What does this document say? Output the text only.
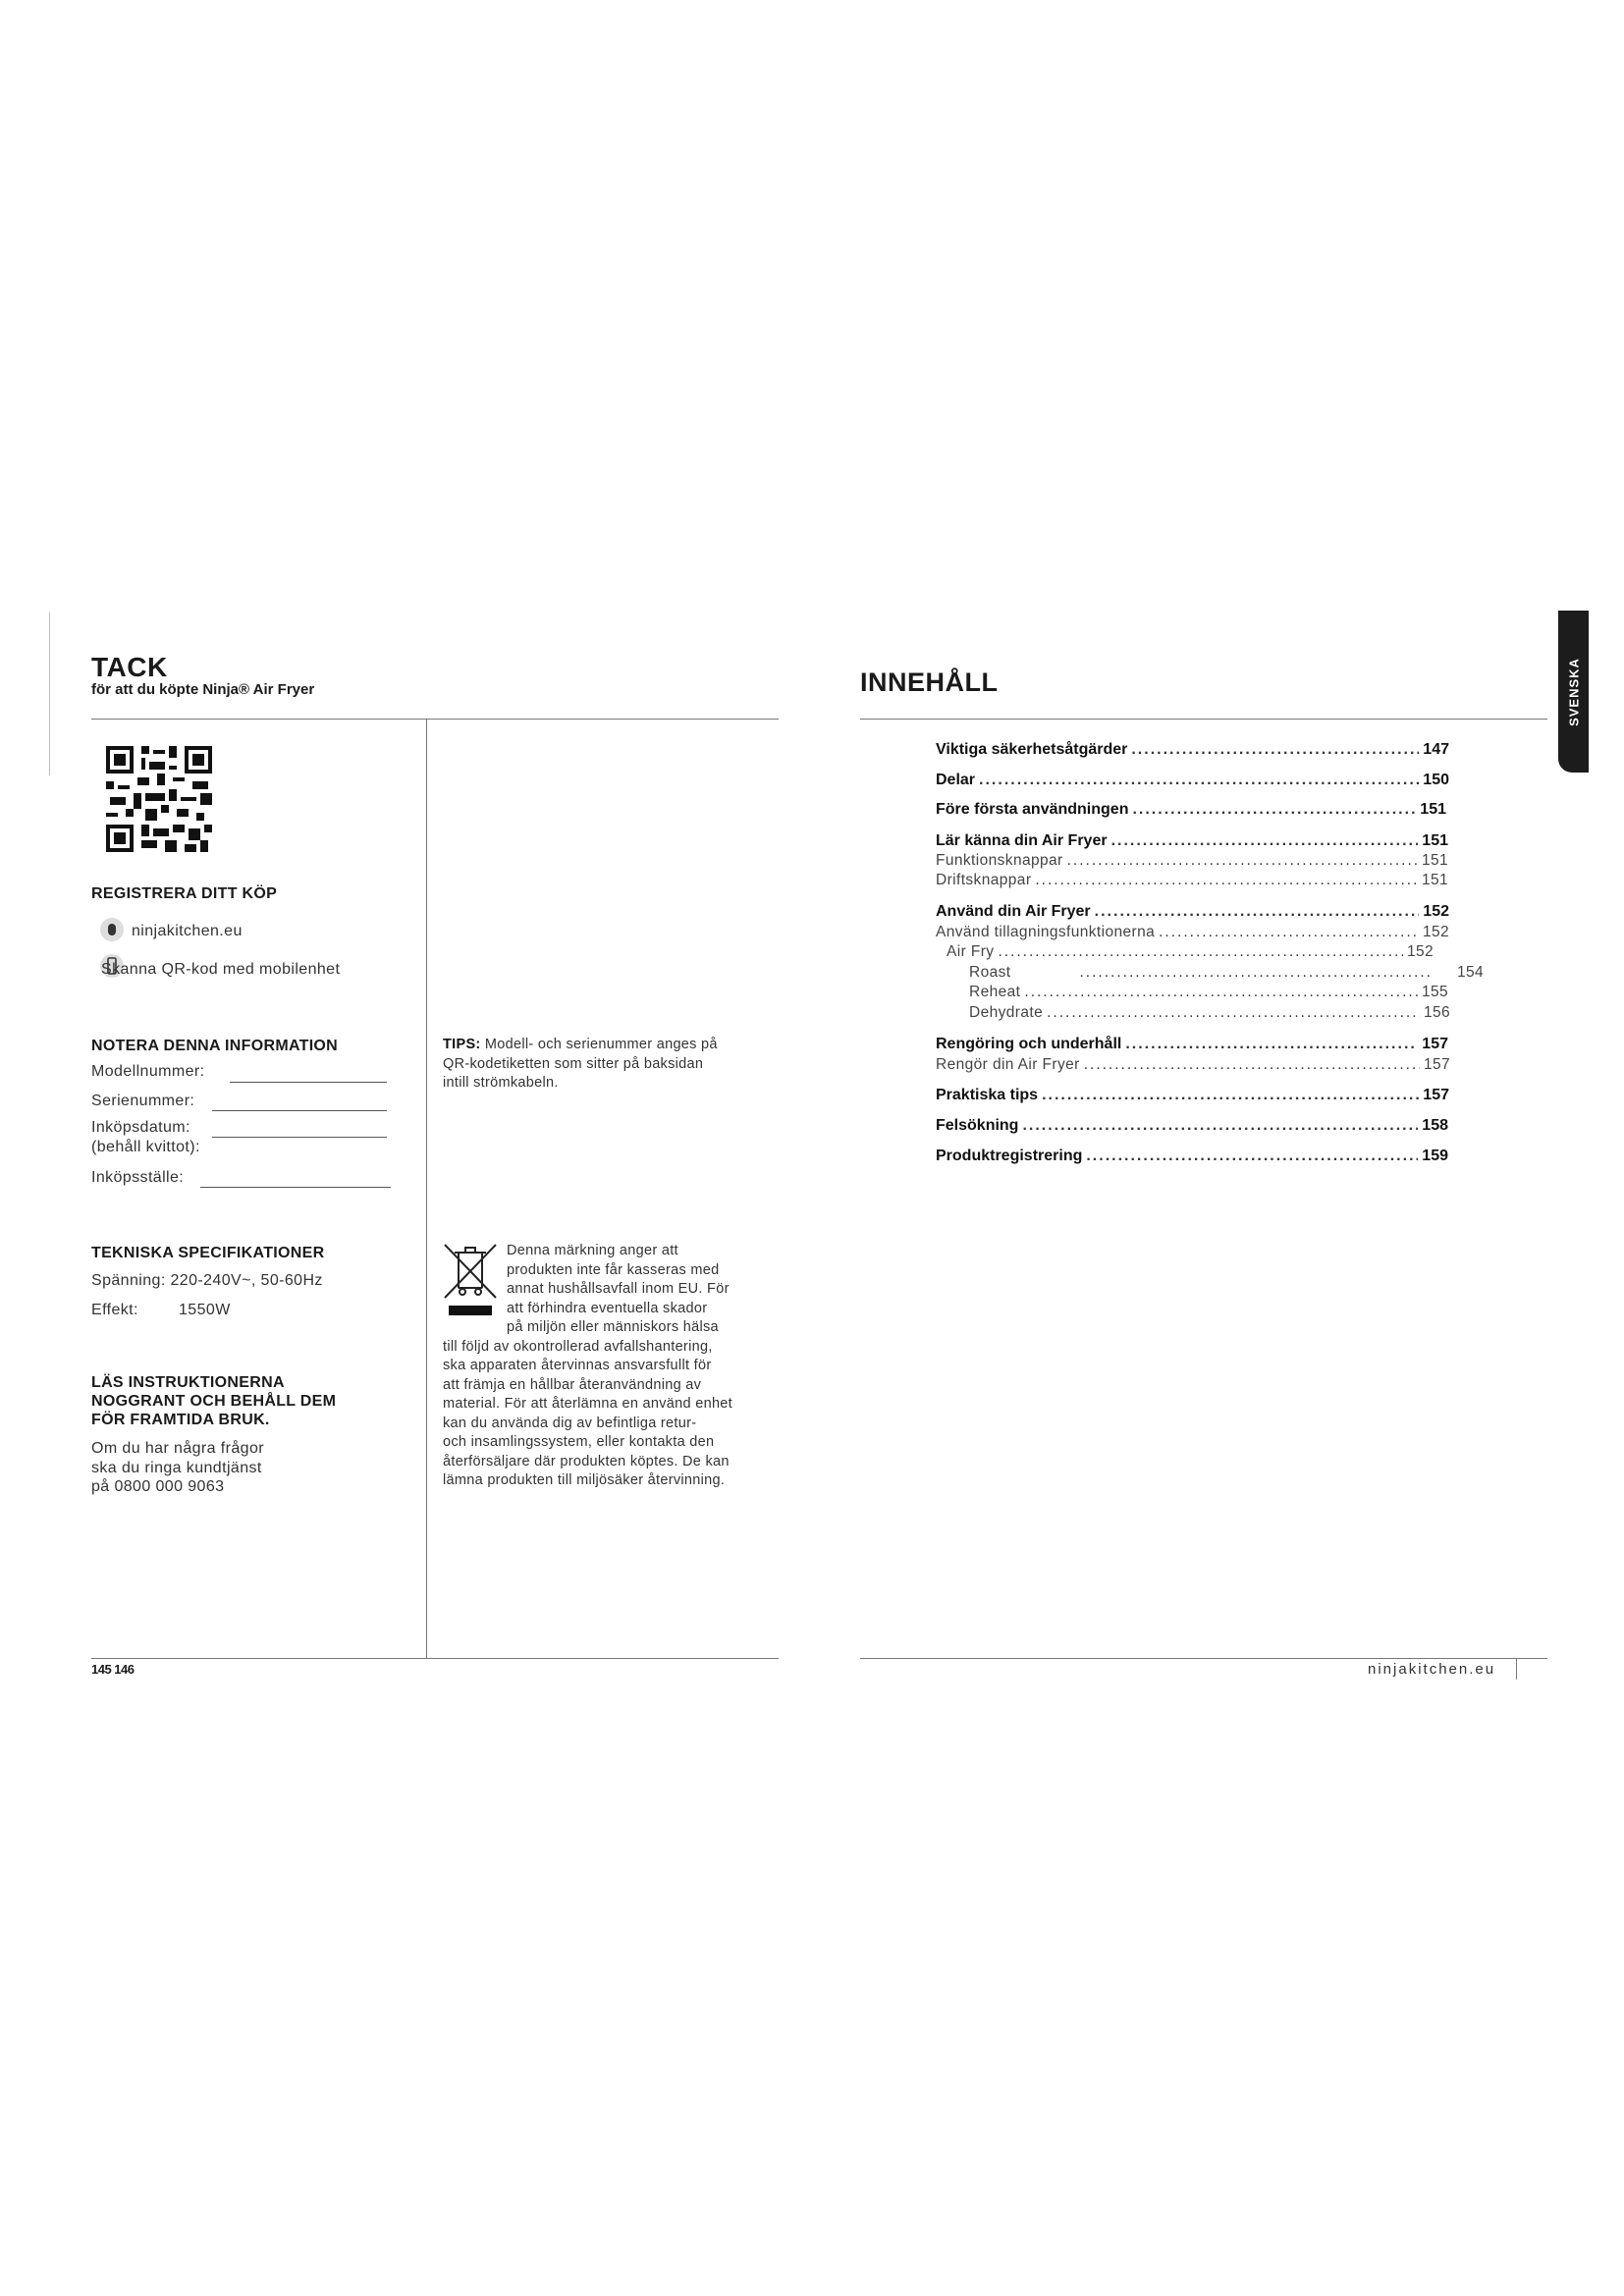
TACK
för att du köpte Ninja® Air Fryer
REGISTRERA DITT KÖP
ninjakitchen.eu
Skanna QR-kod med mobilenhet
NOTERA DENNA INFORMATION
Modellnummer:
Serienummer:
Inköpsdatum:
(behåll kvittot):
Inköpsställe:
TIPS: Modell- och serienummer anges på
QR-kodetiketten som sitter på baksidan
intill strömkabeln.
TEKNISKA SPECIFIKATIONER
Spänning: 220-240V~, 50-60Hz
Effekt:	1550W
LÄS INSTRUKTIONERNA
NOGGRANT OCH BEHÅLL DEM
FÖR FRAMTIDA BRUK.
Om du har några frågor
ska du ringa kundtjänst
på 0800 000 9063
Denna märkning anger att
produkten inte får kasseras med
annat hushållsavfall inom EU. För
att förhindra eventuella skador
på miljön eller människors hälsa
till följd av okontrollerad avfallshantering,
ska apparaten återvinnas ansvarsfullt för
att främja en hållbar återanvändning av
material. För att återlämna en använd enhet
kan du använda dig av befintliga retur-
och insamlingssystem, eller kontakta den
återförsäljare där produkten köptes. De kan
lämna produkten till miljösäker återvinning.
145 146
INNEHÅLL	SVENSKA
Viktiga säkerhetsåtgärder .....	147
Delar .....	150
Före första användningen .....	151
Lär känna din Air Fryer .....	151
Funktionsknappar .....	151
Driftsknappar .....	151
Använd din Air Fryer .....	152
Använd tillagningsfunktionerna .....	152
Air Fry .....	152
Roast .....	154
Reheat .....	155
Dehydrate .....	156
Rengöring och underhåll .....	157
Rengör din Air Fryer .....	157
Praktiska tips .....	157
Felsökning .....	158
Produktregistrering .....	159
ninjakitchen.eu
